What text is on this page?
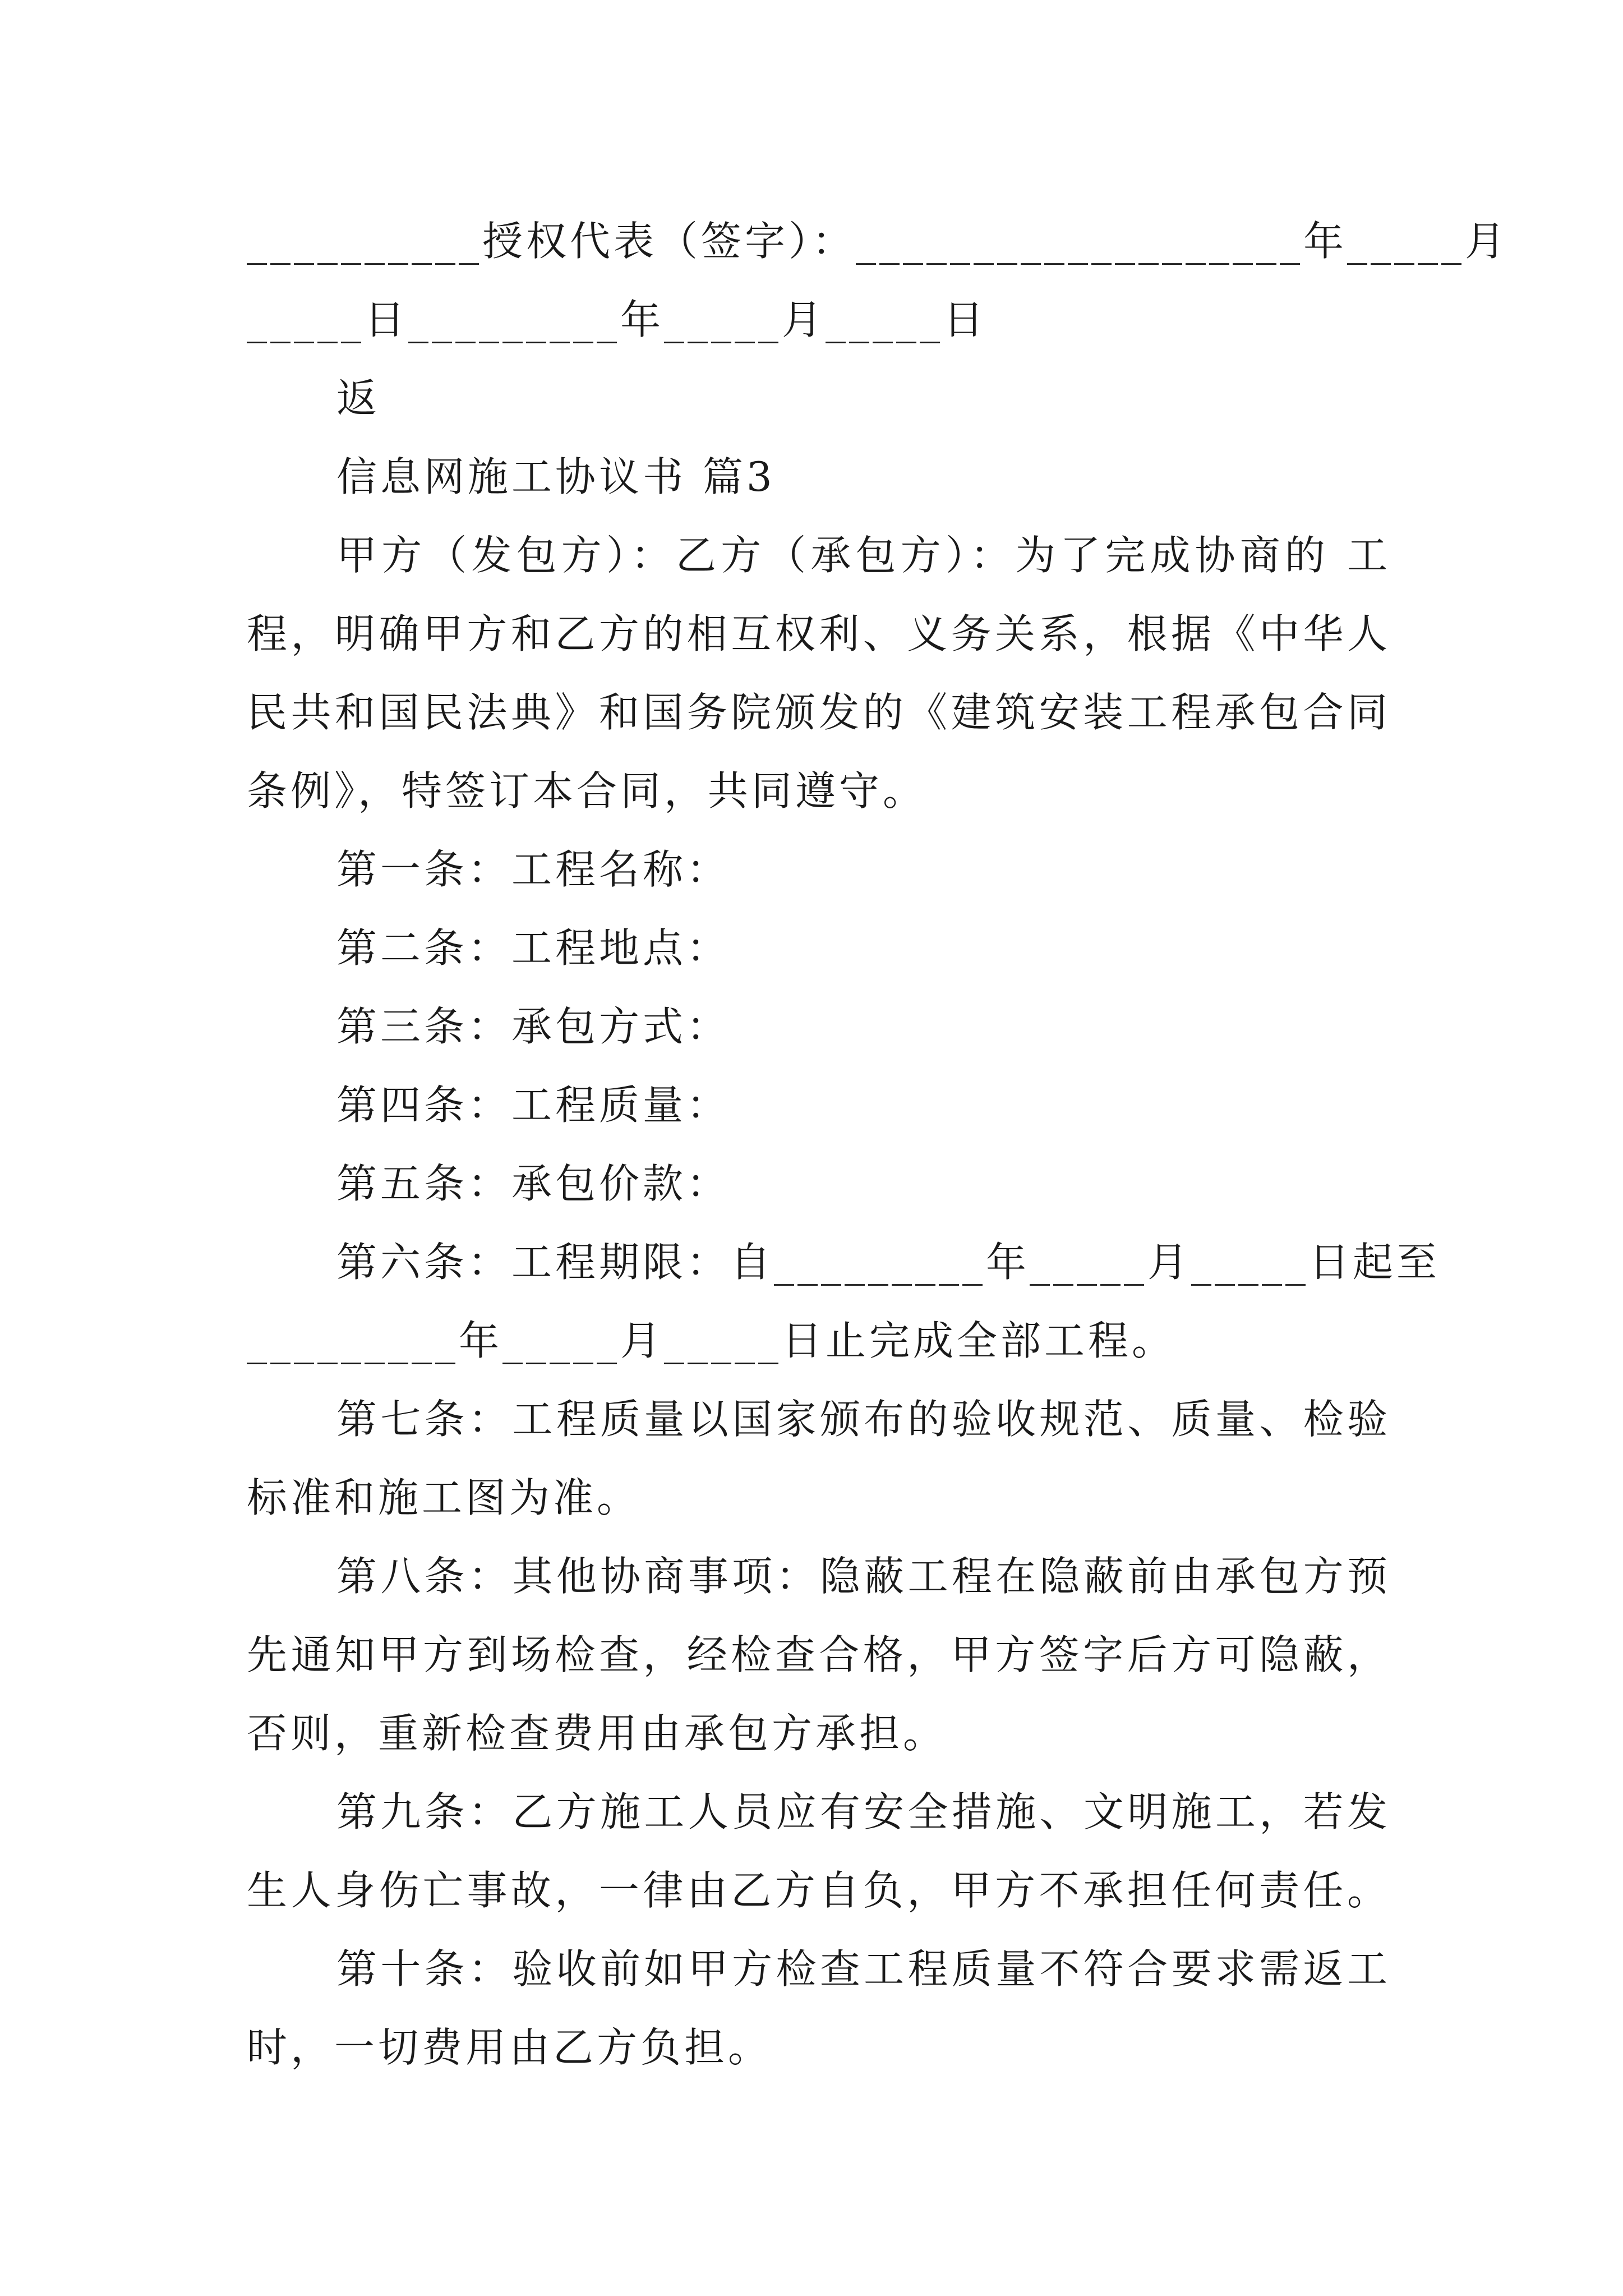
__________授权代表（签字）：___________________年_____月
_____日_________年_____月_____日
返
信息网施工协议书 篇3
甲方（发包方）：乙方（承包方）：为了完成协商的 工
程，明确甲方和乙方的相互权利、义务关系，根据《中华人
民共和国民法典》和国务院颁发的《建筑安装工程承包合同
条例》，特签订本合同，共同遵守。
第一条：工程名称：
第二条：工程地点：
第三条：承包方式：
第四条：工程质量：
第五条：承包价款：
第六条：工程期限：自_________年_____月_____日起至
_________年_____月_____日止完成全部工程。
第七条：工程质量以国家颁布的验收规范、质量、检验
标准和施工图为准。
第八条：其他协商事项：隐蔽工程在隐蔽前由承包方预
先通知甲方到场检查，经检查合格，甲方签字后方可隐蔽，
否则，重新检查费用由承包方承担。
第九条：乙方施工人员应有安全措施、文明施工，若发
生人身伤亡事故，一律由乙方自负，甲方不承担任何责任。
第十条：验收前如甲方检查工程质量不符合要求需返工
时，一切费用由乙方负担。
